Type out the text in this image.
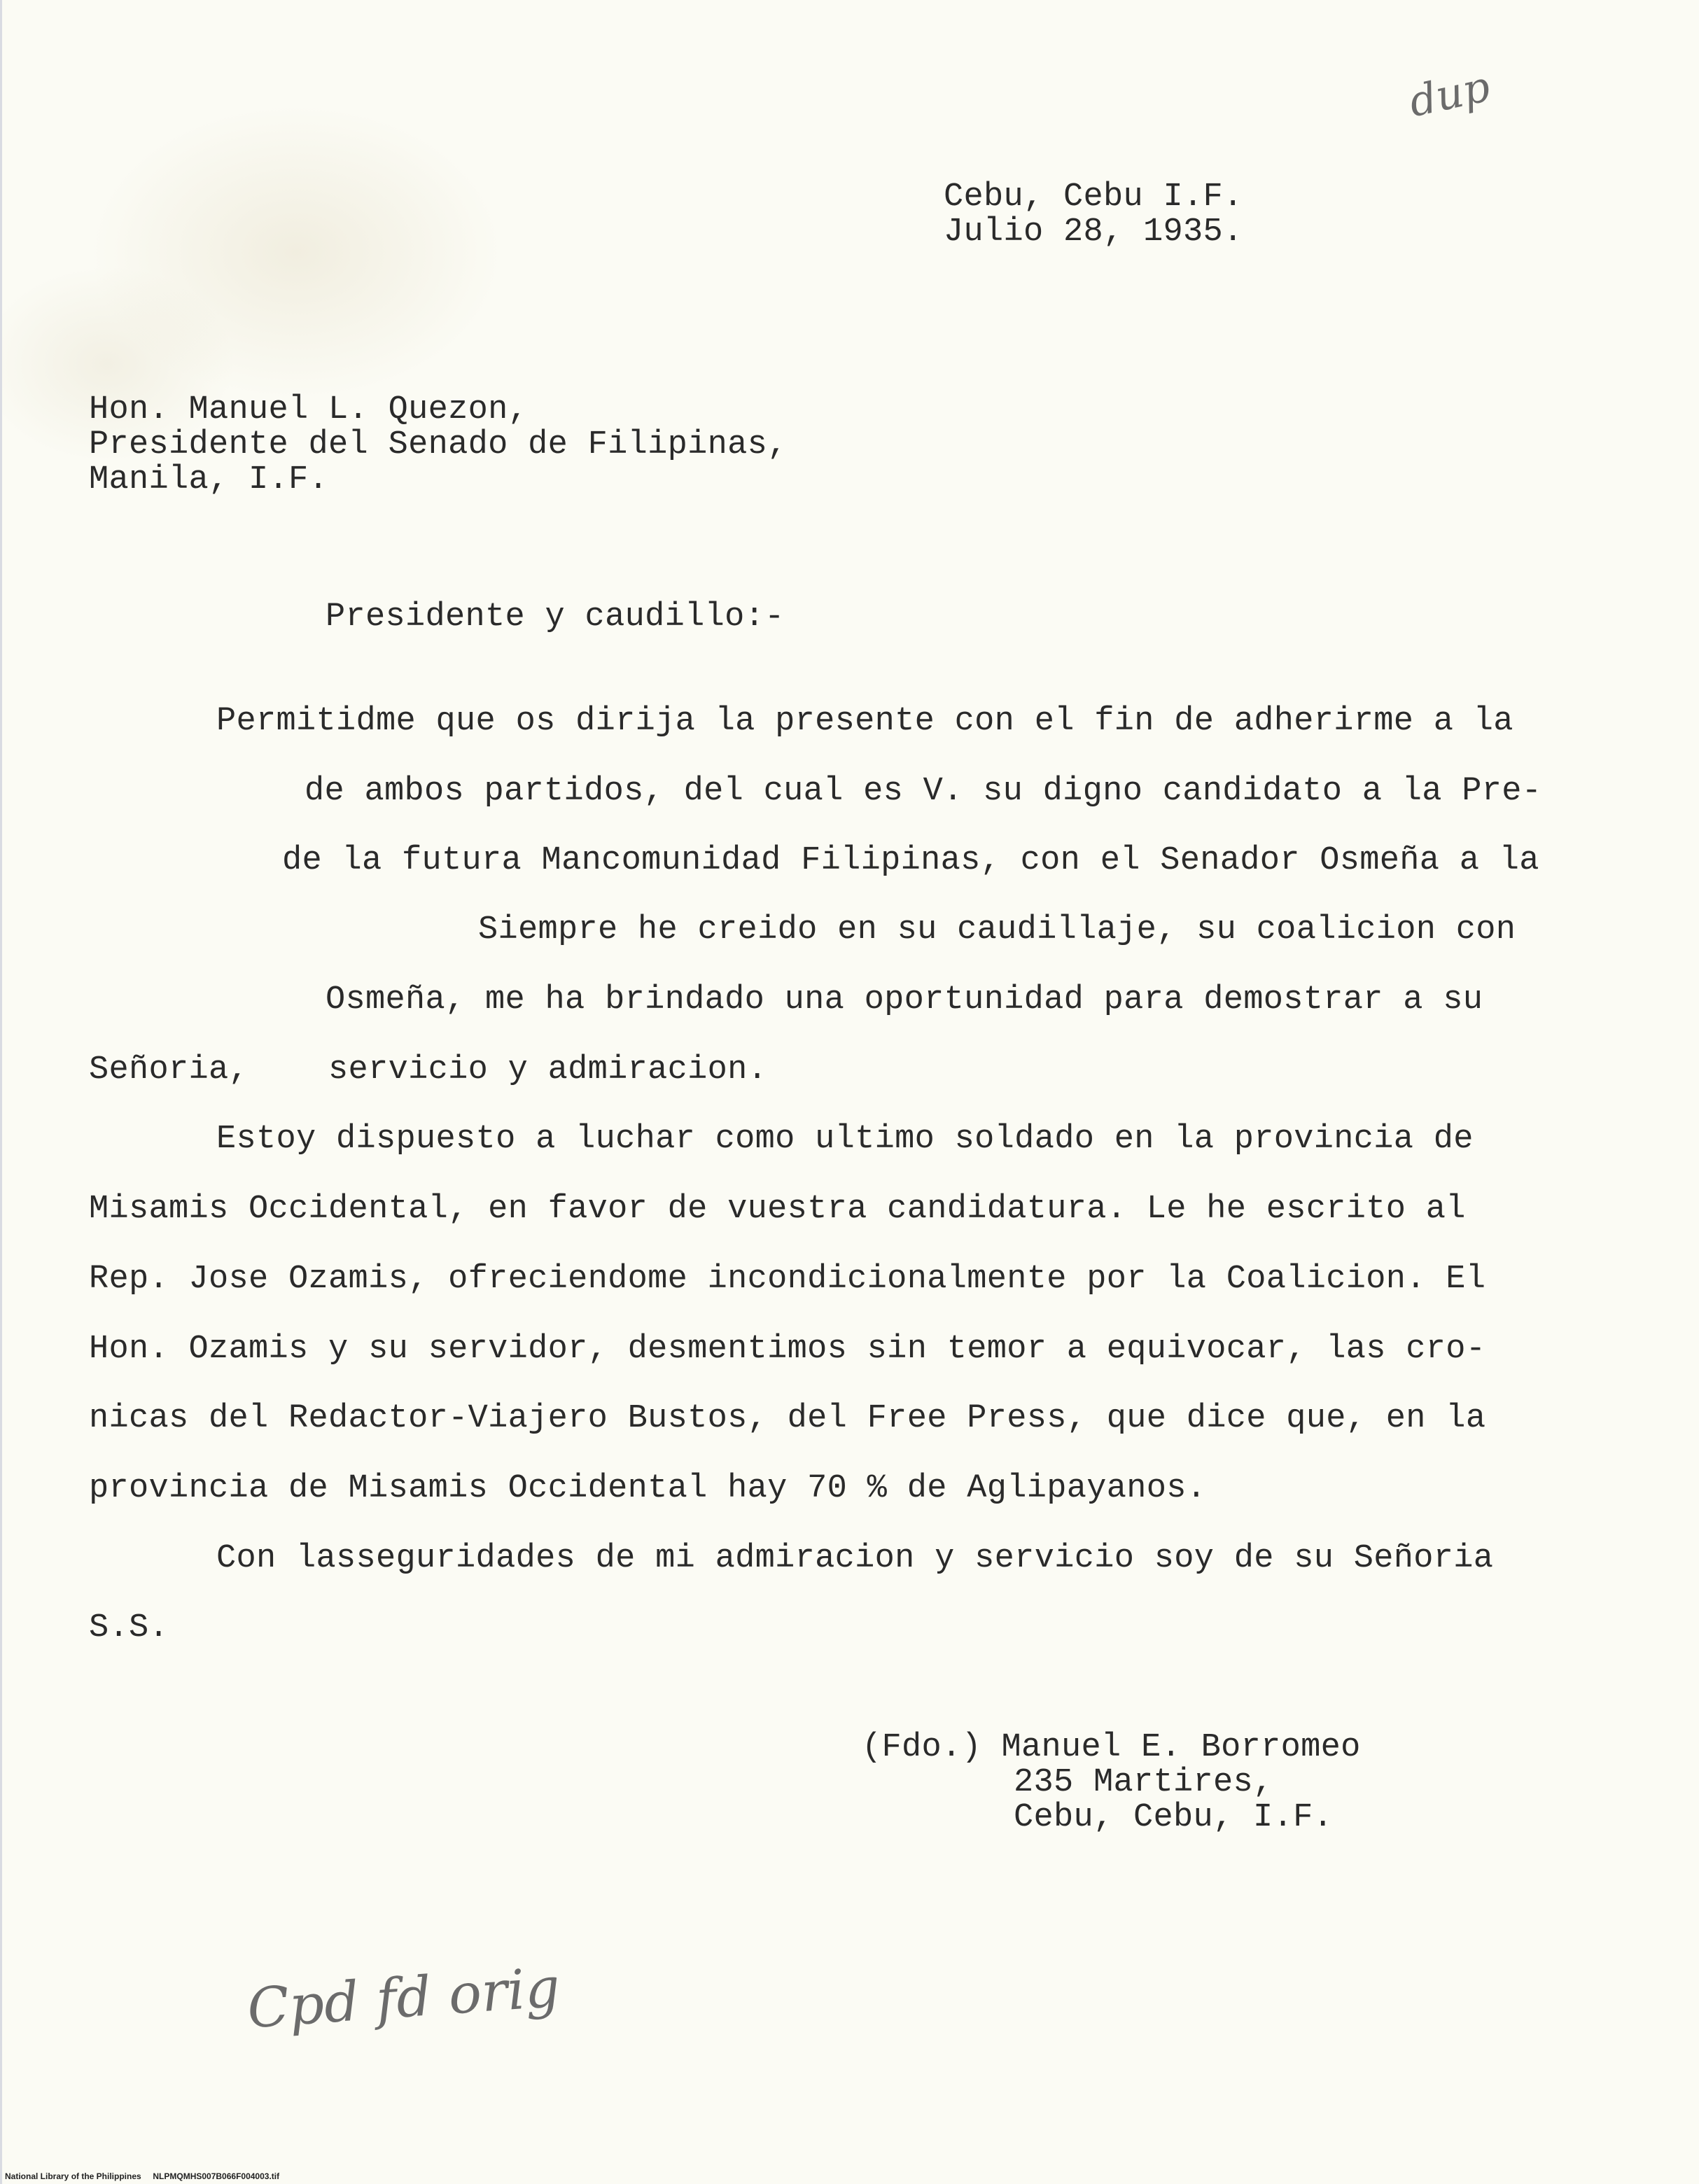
dup
Cebu, Cebu I.F.
Julio 28, 1935.
Hon. Manuel L. Quezon,
Presidente del Senado de Filipinas,
Manila, I.F.
Presidente y caudillo:-
Permitidme que os dirija la presente con el fin de adherirme a la
de ambos partidos, del cual es V. su digno candidato a la Pre-
de la futura Mancomunidad Filipinas, con el Senador Osmeña a la
Siempre he creido en su caudillaje, su coalicion con
Osmeña, me ha brindado una oportunidad para demostrar a su
Señoria,    servicio y admiracion.
Estoy dispuesto a luchar como ultimo soldado en la provincia de
Misamis Occidental, en favor de vuestra candidatura. Le he escrito al
Rep. Jose Ozamis, ofreciendome incondicionalmente por la Coalicion. El
Hon. Ozamis y su servidor, desmentimos sin temor a equivocar, las cro-
nicas del Redactor-Viajero Bustos, del Free Press, que dice que, en la
provincia de Misamis Occidental hay 70 % de Aglipayanos.
Con lasseguridades de mi admiracion y servicio soy de su Señoria
S.S.
(Fdo.) Manuel E. Borromeo
235 Martires,
Cebu, Cebu, I.F.
Cpd fd orig
National Library of the Philippines NLPMQMHS007B066F004003.tif
